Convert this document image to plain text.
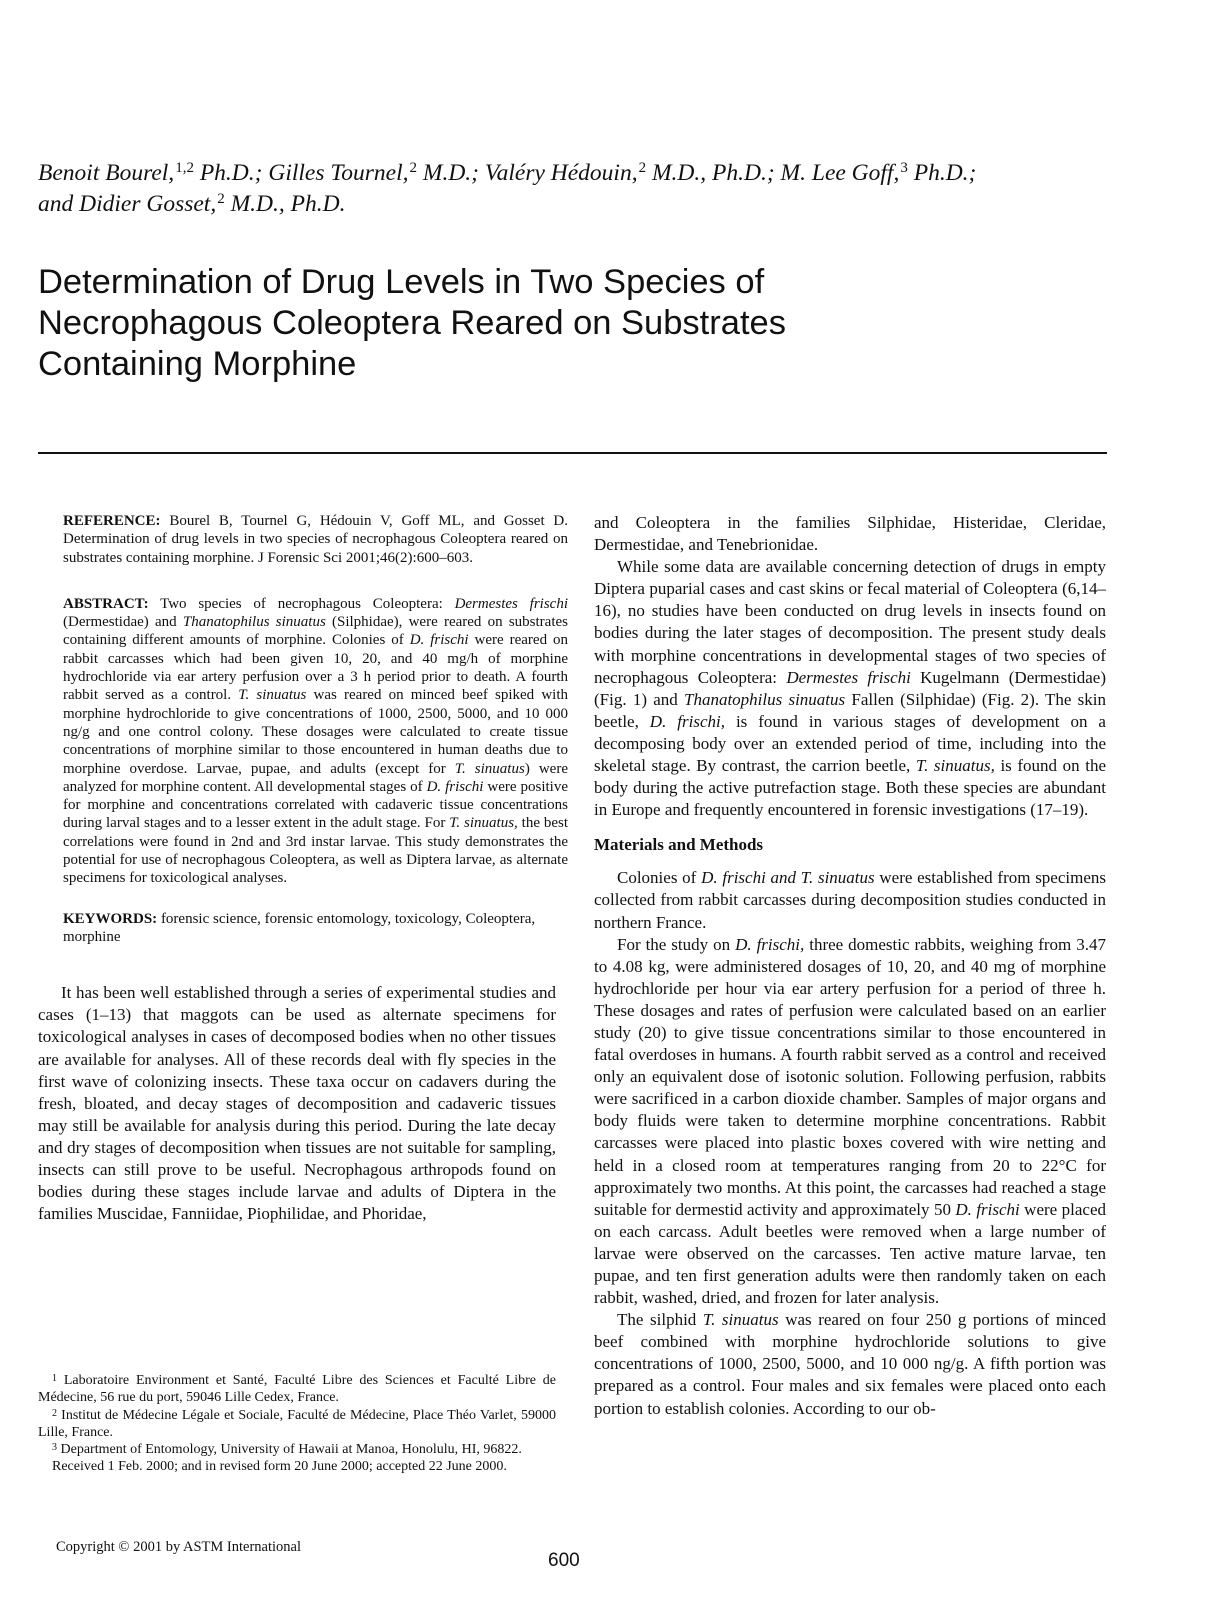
Benoit Bourel,$^{1,2}$ Ph.D.; Gilles Tournel,$^2$ M.D.; Valéry Hédouin,$^2$ M.D., Ph.D.; M. Lee Goff,$^3$ Ph.D.;
and Didier Gosset,$^2$ M.D., Ph.D.
Determination of Drug Levels in Two Species of
Necrophagous Coleoptera Reared on Substrates
Containing Morphine

REFERENCE: Bourel B, Tournel G, Hédouin V, Goff ML, and Gosset D. Determination of drug levels in two species of necrophagous Coleoptera reared on substrates containing morphine. J Forensic Sci 2001;46(2):600–603.

ABSTRACT: Two species of necrophagous Coleoptera: Dermestes frischi (Dermestidae) and Thanatophilus sinuatus (Silphidae), were reared on substrates containing different amounts of morphine. Colonies of D. frischi were reared on rabbit carcasses which had been given 10, 20, and 40 mg/h of morphine hydrochloride via ear artery perfusion over a 3 h period prior to death. A fourth rabbit served as a control. T. sinuatus was reared on minced beef spiked with morphine hydrochloride to give concentrations of 1000, 2500, 5000, and 10 000 ng/g and one control colony. These dosages were calculated to create tissue concentrations of morphine similar to those encountered in human deaths due to morphine overdose. Larvae, pupae, and adults (except for T. sinuatus) were analyzed for morphine content. All developmental stages of D. frischi were positive for morphine and concentrations correlated with cadaveric tissue concentrations during larval stages and to a lesser extent in the adult stage. For T. sinuatus, the best correlations were found in 2nd and 3rd instar larvae. This study demonstrates the potential for use of necrophagous Coleoptera, as well as Diptera larvae, as alternate specimens for toxicological analyses.

KEYWORDS: forensic science, forensic entomology, toxicology, Coleoptera, morphine

It has been well established through a series of experimental studies and cases (1–13) that maggots can be used as alternate specimens for toxicological analyses in cases of decomposed bodies when no other tissues are available for analyses. All of these records deal with fly species in the first wave of colonizing insects. These taxa occur on cadavers during the fresh, bloated, and decay stages of decomposition and cadaveric tissues may still be available for analysis during this period. During the late decay and dry stages of decomposition when tissues are not suitable for sampling, insects can still prove to be useful. Necrophagous arthropods found on bodies during these stages include larvae and adults of Diptera in the families Muscidae, Fanniidae, Piophilidae, and Phoridae,

$^1$ Laboratoire Environment et Santé, Faculté Libre des Sciences et Faculté Libre de Médecine, 56 rue du port, 59046 Lille Cedex, France.

$^2$ Institut de Médecine Légale et Sociale, Faculté de Médecine, Place Théo Varlet, 59000 Lille, France.

$^3$ Department of Entomology, University of Hawaii at Manoa, Honolulu, HI, 96822.

Received 1 Feb. 2000; and in revised form 20 June 2000; accepted 22 June 2000.

Copyright © 2001 by ASTM International
600

and Coleoptera in the families Silphidae, Histeridae, Cleridae, Dermestidae, and Tenebrionidae.

While some data are available concerning detection of drugs in empty Diptera puparial cases and cast skins or fecal material of Coleoptera (6,14–16), no studies have been conducted on drug levels in insects found on bodies during the later stages of decomposition. The present study deals with morphine concentrations in developmental stages of two species of necrophagous Coleoptera: Dermestes frischi Kugelmann (Dermestidae) (Fig. 1) and Thanatophilus sinuatus Fallen (Silphidae) (Fig. 2). The skin beetle, D. frischi, is found in various stages of development on a decomposing body over an extended period of time, including into the skeletal stage. By contrast, the carrion beetle, T. sinuatus, is found on the body during the active putrefaction stage. Both these species are abundant in Europe and frequently encountered in forensic investigations (17–19).

Materials and Methods

Colonies of D. frischi and T. sinuatus were established from specimens collected from rabbit carcasses during decomposition studies conducted in northern France.

For the study on D. frischi, three domestic rabbits, weighing from 3.47 to 4.08 kg, were administered dosages of 10, 20, and 40 mg of morphine hydrochloride per hour via ear artery perfusion for a period of three h. These dosages and rates of perfusion were calculated based on an earlier study (20) to give tissue concentrations similar to those encountered in fatal overdoses in humans. A fourth rabbit served as a control and received only an equivalent dose of isotonic solution. Following perfusion, rabbits were sacrificed in a carbon dioxide chamber. Samples of major organs and body fluids were taken to determine morphine concentrations. Rabbit carcasses were placed into plastic boxes covered with wire netting and held in a closed room at temperatures ranging from 20 to 22°C for approximately two months. At this point, the carcasses had reached a stage suitable for dermestid activity and approximately 50 D. frischi were placed on each carcass. Adult beetles were removed when a large number of larvae were observed on the carcasses. Ten active mature larvae, ten pupae, and ten first generation adults were then randomly taken on each rabbit, washed, dried, and frozen for later analysis.

The silphid T. sinuatus was reared on four 250 g portions of minced beef combined with morphine hydrochloride solutions to give concentrations of 1000, 2500, 5000, and 10 000 ng/g. A fifth portion was prepared as a control. Four males and six females were placed onto each portion to establish colonies. According to our ob-
